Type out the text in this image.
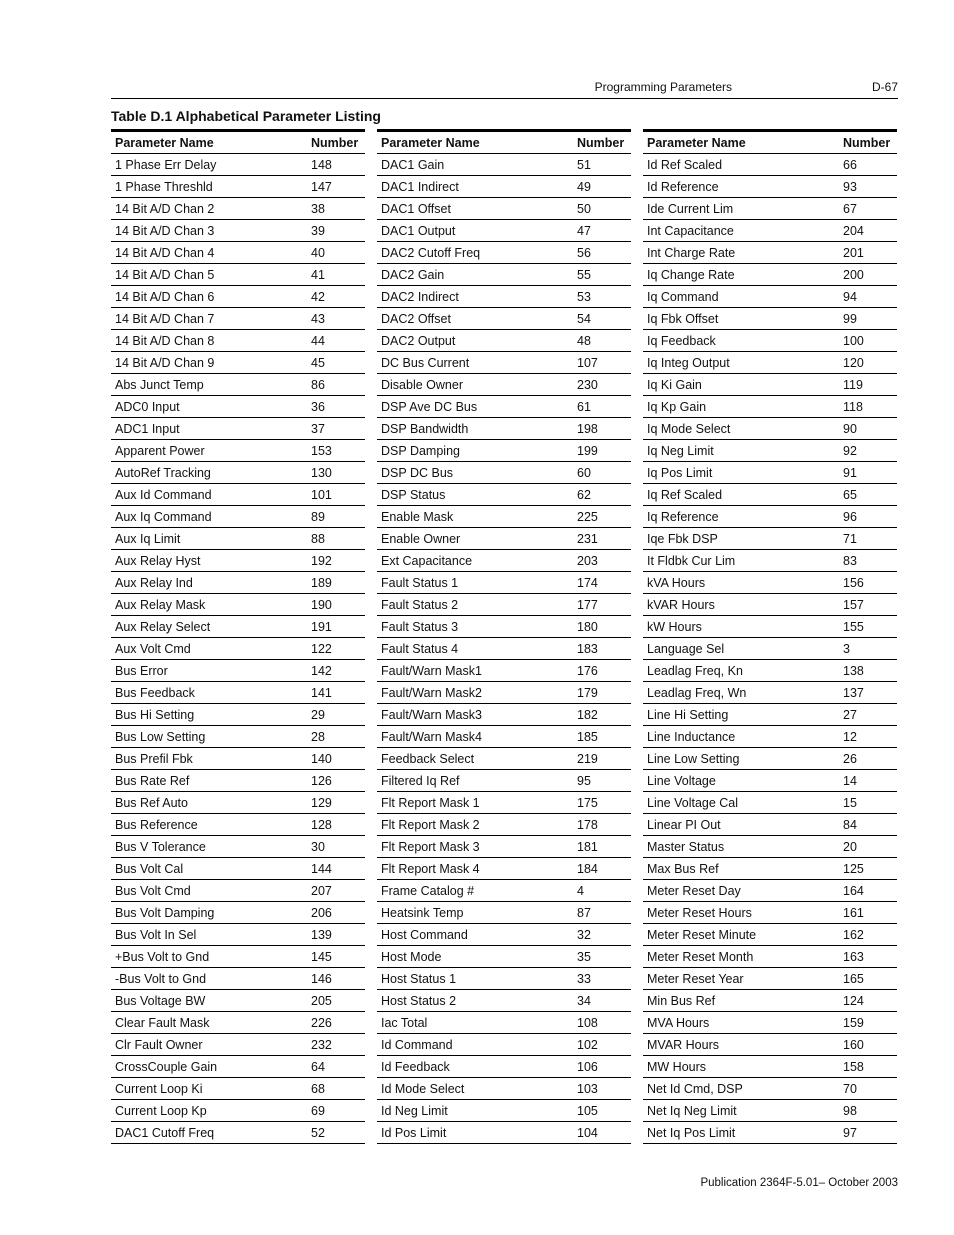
Programming Parameters	D-67
Table D.1 Alphabetical Parameter Listing
Parameter Name	Number
1 Phase Err Delay	148
1 Phase Threshld	147
14 Bit A/D Chan 2	38
14 Bit A/D Chan 3	39
14 Bit A/D Chan 4	40
14 Bit A/D Chan 5	41
14 Bit A/D Chan 6	42
14 Bit A/D Chan 7	43
14 Bit A/D Chan 8	44
14 Bit A/D Chan 9	45
Abs Junct Temp	86
ADC0 Input	36
ADC1 Input	37
Apparent Power	153
AutoRef Tracking	130
Aux Id Command	101
Aux Iq Command	89
Aux Iq Limit	88
Aux Relay Hyst	192
Aux Relay Ind	189
Aux Relay Mask	190
Aux Relay Select	191
Aux Volt Cmd	122
Bus Error	142
Bus Feedback	141
Bus Hi Setting	29
Bus Low Setting	28
Bus Prefil Fbk	140
Bus Rate Ref	126
Bus Ref Auto	129
Bus Reference	128
Bus V Tolerance	30
Bus Volt Cal	144
Bus Volt Cmd	207
Bus Volt Damping	206
Bus Volt In Sel	139
+Bus Volt to Gnd	145
-Bus Volt to Gnd	146
Bus Voltage BW	205
Clear Fault Mask	226
Clr Fault Owner	232
CrossCouple Gain	64
Current Loop Ki	68
Current Loop Kp	69
DAC1 Cutoff Freq	52
Parameter Name	Number
DAC1 Gain	51
DAC1 Indirect	49
DAC1 Offset	50
DAC1 Output	47
DAC2 Cutoff Freq	56
DAC2 Gain	55
DAC2 Indirect	53
DAC2 Offset	54
DAC2 Output	48
DC Bus Current	107
Disable Owner	230
DSP Ave DC Bus	61
DSP Bandwidth	198
DSP Damping	199
DSP DC Bus	60
DSP Status	62
Enable Mask	225
Enable Owner	231
Ext Capacitance	203
Fault Status 1	174
Fault Status 2	177
Fault Status 3	180
Fault Status 4	183
Fault/Warn Mask1	176
Fault/Warn Mask2	179
Fault/Warn Mask3	182
Fault/Warn Mask4	185
Feedback Select	219
Filtered Iq Ref	95
Flt Report Mask 1	175
Flt Report Mask 2	178
Flt Report Mask 3	181
Flt Report Mask 4	184
Frame Catalog #	4
Heatsink Temp	87
Host Command	32
Host Mode	35
Host Status 1	33
Host Status 2	34
Iac Total	108
Id Command	102
Id Feedback	106
Id Mode Select	103
Id Neg Limit	105
Id Pos Limit	104
Parameter Name	Number
Id Ref Scaled	66
Id Reference	93
Ide Current Lim	67
Int Capacitance	204
Int Charge Rate	201
Iq Change Rate	200
Iq Command	94
Iq Fbk Offset	99
Iq Feedback	100
Iq Integ Output	120
Iq Ki Gain	119
Iq Kp Gain	118
Iq Mode Select	90
Iq Neg Limit	92
Iq Pos Limit	91
Iq Ref Scaled	65
Iq Reference	96
Iqe Fbk DSP	71
It Fldbk Cur Lim	83
kVA Hours	156
kVAR Hours	157
kW Hours	155
Language Sel	3
Leadlag Freq, Kn	138
Leadlag Freq, Wn	137
Line Hi Setting	27
Line Inductance	12
Line Low Setting	26
Line Voltage	14
Line Voltage Cal	15
Linear PI Out	84
Master Status	20
Max Bus Ref	125
Meter Reset Day	164
Meter Reset Hours	161
Meter Reset Minute	162
Meter Reset Month	163
Meter Reset Year	165
Min Bus Ref	124
MVA Hours	159
MVAR Hours	160
MW Hours	158
Net Id Cmd, DSP	70
Net Iq Neg Limit	98
Net Iq Pos Limit	97
Publication 2364F-5.01– October 2003
